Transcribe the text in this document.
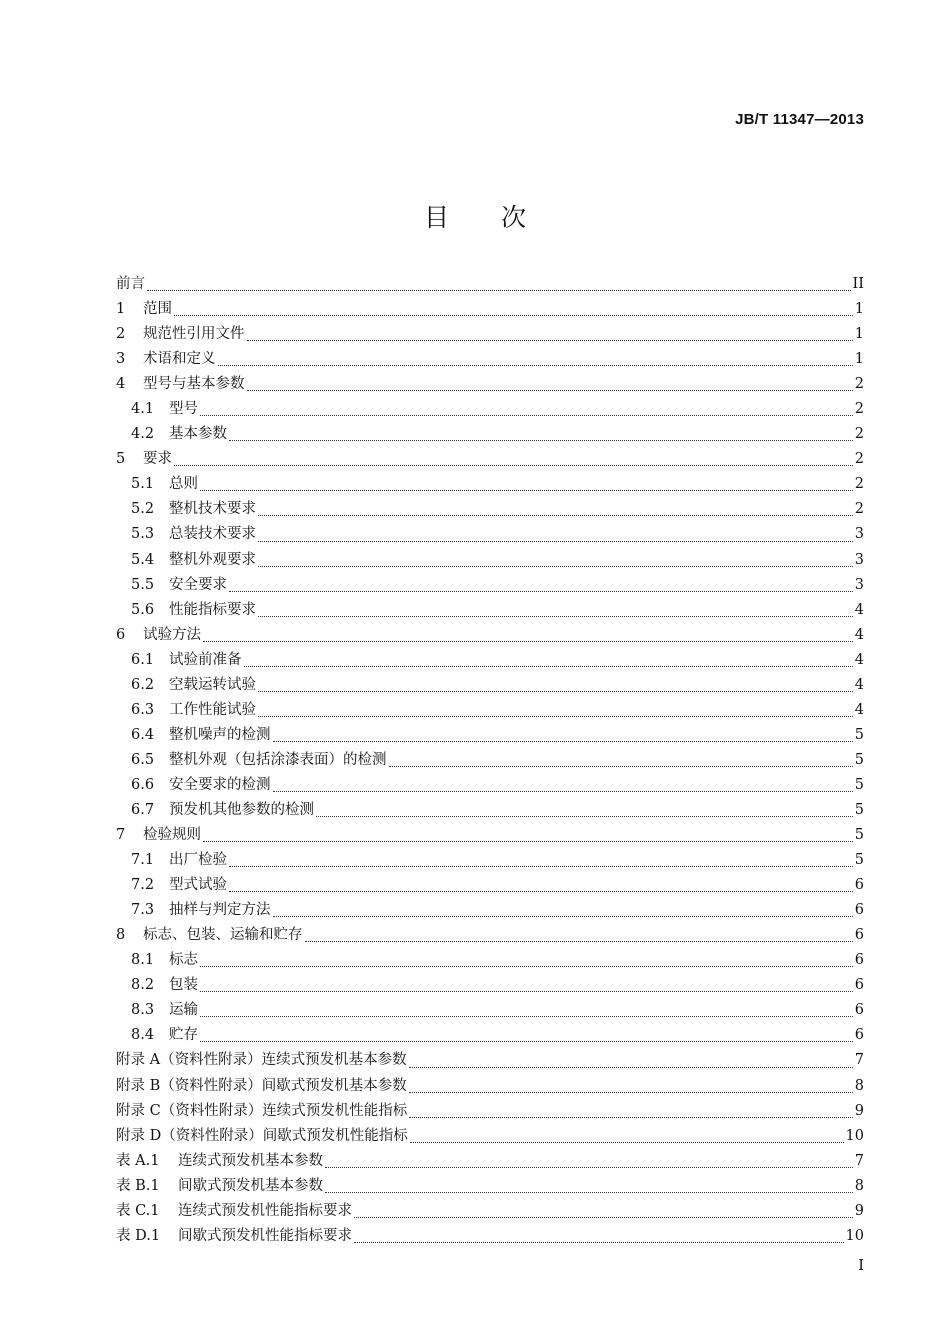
JB/T 11347—2013
目次
前言	II
1	范围	1
2	规范性引用文件	1
3	术语和定义	1
4	型号与基本参数	2
4.1	型号	2
4.2	基本参数	2
5	要求	2
5.1	总则	2
5.2	整机技术要求	2
5.3	总装技术要求	3
5.4	整机外观要求	3
5.5	安全要求	3
5.6	性能指标要求	4
6	试验方法	4
6.1	试验前准备	4
6.2	空载运转试验	4
6.3	工作性能试验	4
6.4	整机噪声的检测	5
6.5	整机外观（包括涂漆表面）的检测	5
6.6	安全要求的检测	5
6.7	预发机其他参数的检测	5
7	检验规则	5
7.1	出厂检验	5
7.2	型式试验	6
7.3	抽样与判定方法	6
8	标志、包装、运输和贮存	6
8.1	标志	6
8.2	包装	6
8.3	运输	6
8.4	贮存	6
附录 A（资料性附录）连续式预发机基本参数	7
附录 B（资料性附录）间歇式预发机基本参数	8
附录 C（资料性附录）连续式预发机性能指标	9
附录 D（资料性附录）间歇式预发机性能指标	10
表 A.1	连续式预发机基本参数	7
表 B.1	间歇式预发机基本参数	8
表 C.1	连续式预发机性能指标要求	9
表 D.1	间歇式预发机性能指标要求	10
I
